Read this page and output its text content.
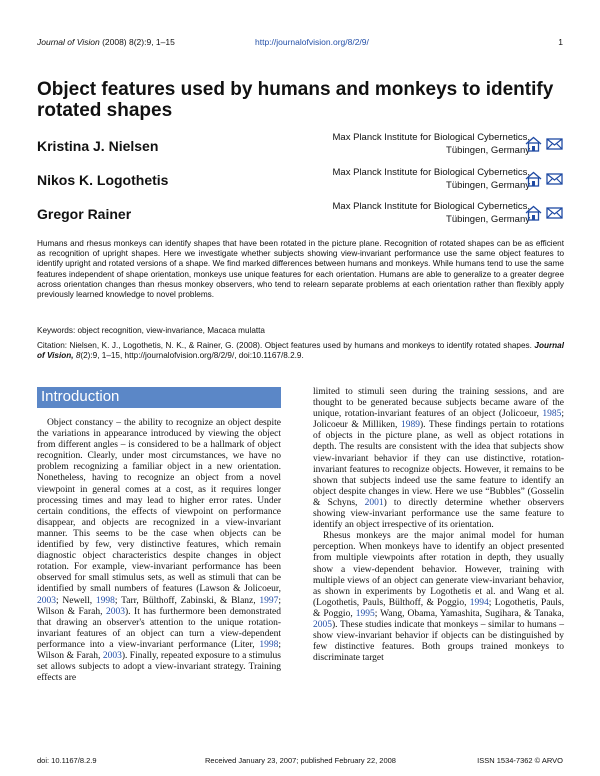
Journal of Vision (2008) 8(2):9, 1–15	http://journalofvision.org/8/2/9/	1
Object features used by humans and monkeys to identify rotated shapes
Kristina J. Nielsen
Max Planck Institute for Biological Cybernetics,
Tübingen, Germany
Nikos K. Logothetis	Max Planck Institute for Biological Cybernetics,
Tübingen, Germany
Gregor Rainer	Max Planck Institute for Biological Cybernetics,
Tübingen, Germany
Humans and rhesus monkeys can identify shapes that have been rotated in the picture plane. Recognition of rotated shapes can be as efficient as recognition of upright shapes. Here we investigate whether subjects showing view-invariant performance use the same object features to identify upright and rotated versions of a shape. We find marked differences between humans and monkeys. While humans tend to use the same features independent of shape orientation, monkeys use unique features for each orientation. Humans are able to generalize to a greater degree across orientation changes than rhesus monkey observers, who tend to relearn separate problems at each orientation rather than flexibly apply previously learned knowledge to novel problems.
Keywords: object recognition, view-invariance, Macaca mulatta
Citation: Nielsen, K. J., Logothetis, N. K., & Rainer, G. (2008). Object features used by humans and monkeys to identify rotated shapes. Journal of Vision, 8(2):9, 1–15, http://journalofvision.org/8/2/9/, doi:10.1167/8.2.9.
Introduction

Object constancy – the ability to recognize an object despite the variations in appearance introduced by viewing the object from different angles – is considered to be a hallmark of object recognition. Clearly, under most circumstances, we have no problem recognizing a familiar object in a new orientation. Nonetheless, having to recognize an object from a novel viewpoint in general comes at a cost, as it requires longer processing times and may lead to higher error rates. Under certain conditions, the effects of viewpoint on performance disappear, and objects are recognized in a view-invariant manner. This seems to be the case when objects can be identified by few, very distinctive features, which remain diagnostic object characteristics despite changes in object rotation. For example, view-invariant performance has been observed for small stimulus sets, as well as stimuli that can be identified by small numbers of features (Lawson & Jolicoeur, 2003; Newell, 1998; Tarr, Bülthoff, Zabinski, & Blanz, 1997; Wilson & Farah, 2003). It has furthermore been demonstrated that drawing an observer's attention to the unique rotation-invariant features of an object can turn a view-dependent performance into a view-invariant performance (Liter, 1998; Wilson & Farah, 2003). Finally, repeated exposure to a stimulus set allows subjects to adopt a view-invariant strategy. Training effects are

limited to stimuli seen during the training sessions, and are thought to be generated because subjects became aware of the unique, rotation-invariant features of an object (Jolicoeur, 1985; Jolicoeur & Milliken, 1989). These findings pertain to rotations of objects in the picture plane, as well as object rotations in depth. The results are consistent with the idea that subjects show view-invariant behavior if they can use distinctive, rotation-invariant features to recognize objects. However, it remains to be shown that subjects indeed use the same feature to identify an object despite changes in view. Here we use “Bubbles” (Gosselin & Schyns, 2001) to directly determine whether observers showing view-invariant performance use the same feature to identify an object irrespective of its orientation.

Rhesus monkeys are the major animal model for human perception. When monkeys have to identify an object presented from multiple viewpoints after rotation in depth, they usually show a view-dependent behavior. However, training with multiple views of an object can generate view-invariant behavior, as shown in experiments by Logothetis et al. and Wang et al. (Logothetis, Pauls, Bülthoff, & Poggio, 1994; Logothetis, Pauls, & Poggio, 1995; Wang, Obama, Yamashita, Sugihara, & Tanaka, 2005). These studies indicate that monkeys – similar to humans – show view-invariant behavior if objects can be distinguished by few distinctive features. Both groups trained monkeys to discriminate target

doi: 10.1167/8.2.9	Received January 23, 2007; published February 22, 2008	ISSN 1534-7362 © ARVO
